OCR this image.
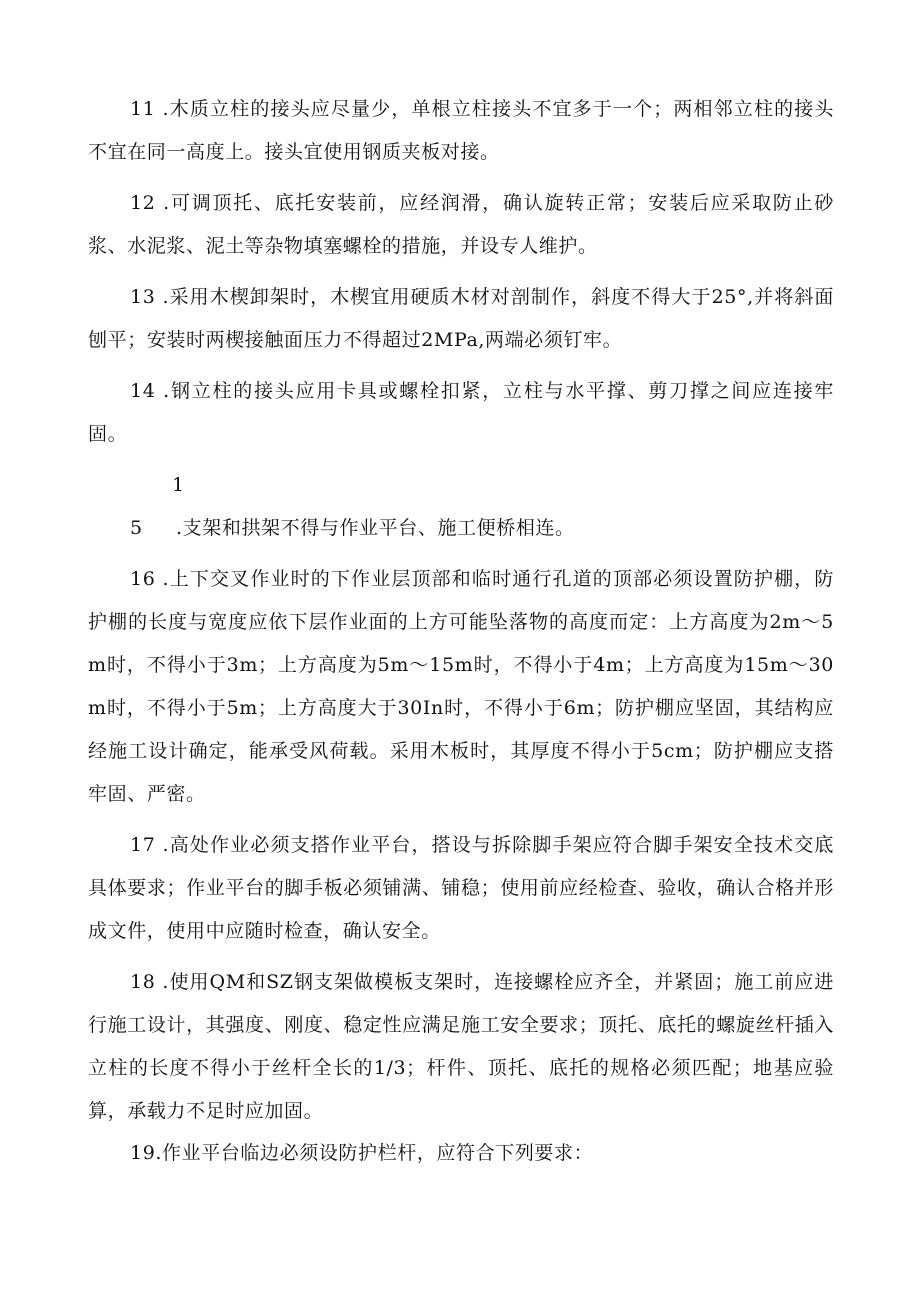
11 .木质立柱的接头应尽量少，单根立柱接头不宜多于一个；两相邻立柱的接头不宜在同一高度上。接头宜使用钢质夹板对接。

12 .可调顶托、底托安装前，应经润滑，确认旋转正常；安装后应采取防止砂浆、水泥浆、泥土等杂物填塞螺栓的措施，并设专人维护。

13 .采用木楔卸架时，木楔宜用硬质木材对剖制作，斜度不得大于25°,并将斜面刨平；安装时两楔接触面压力不得超过2MPa,两端必须钉牢。

14 .钢立柱的接头应用卡具或螺栓扣紧，立柱与水平撑、剪刀撑之间应连接牢固。

15 .支架和拱架不得与作业平台、施工便桥相连。

16 .上下交叉作业时的下作业层顶部和临时通行孔道的顶部必须设置防护棚，防护棚的长度与宽度应依下层作业面的上方可能坠落物的高度而定：上方高度为2m～5m时，不得小于3m；上方高度为5m～15m时，不得小于4m；上方高度为15m～30m时，不得小于5m；上方高度大于30In时，不得小于6m；防护棚应坚固，其结构应经施工设计确定，能承受风荷载。采用木板时，其厚度不得小于5cm；防护棚应支搭牢固、严密。

17 .高处作业必须支搭作业平台，搭设与拆除脚手架应符合脚手架安全技术交底具体要求；作业平台的脚手板必须铺满、铺稳；使用前应经检查、验收，确认合格并形成文件，使用中应随时检查，确认安全。

18 .使用QM和SZ钢支架做模板支架时，连接螺栓应齐全，并紧固；施工前应进行施工设计，其强度、刚度、稳定性应满足施工安全要求；顶托、底托的螺旋丝杆插入立柱的长度不得小于丝杆全长的1/3；杆件、顶托、底托的规格必须匹配；地基应验算，承载力不足时应加固。

19.作业平台临边必须设防护栏杆，应符合下列要求：
